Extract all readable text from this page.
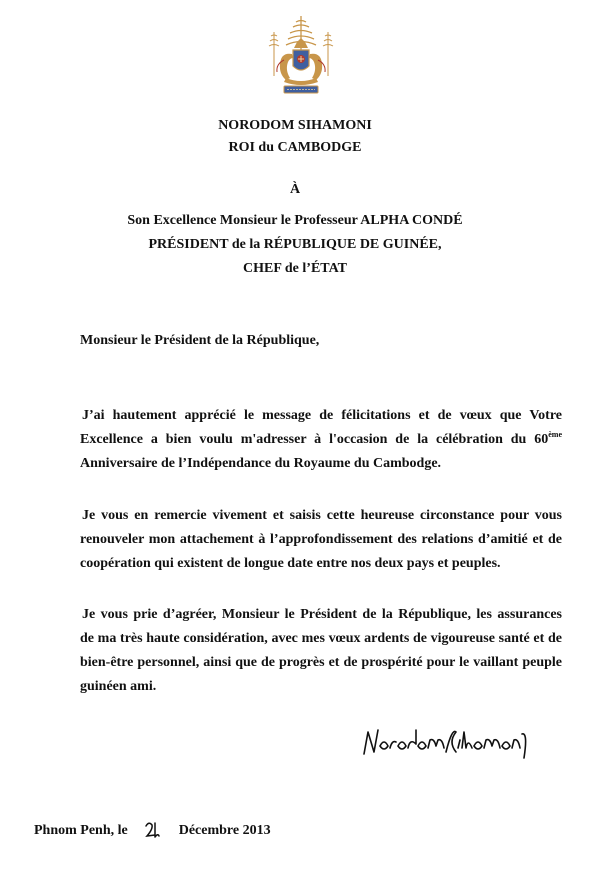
NORODOM SIHAMONI
ROI du CAMBODGE
À
Son Excellence Monsieur le Professeur ALPHA CONDÉ
PRÉSIDENT de la RÉPUBLIQUE DE GUINÉE,
CHEF de l’ÉTAT
Monsieur le Président de la République,
J’ai hautement apprécié le message de félicitations et de vœux que Votre
Excellence a bien voulu m'adresser à l'occasion de la célébration du 60ème
Anniversaire de l’Indépendance du Royaume du Cambodge.
Je vous en remercie vivement et saisis cette heureuse circonstance pour vous
renouveler mon attachement à l’approfondissement des relations d’amitié et de
coopération qui existent de longue date entre nos deux pays et peuples.
Je vous prie d’agréer, Monsieur le Président de la République, les assurances
de ma très haute considération, avec mes vœux ardents de vigoureuse santé et de
bien-être personnel, ainsi que de progrès et de prospérité pour le vaillant peuple
guinéen ami.
Phnom Penh, le	Décembre 2013
